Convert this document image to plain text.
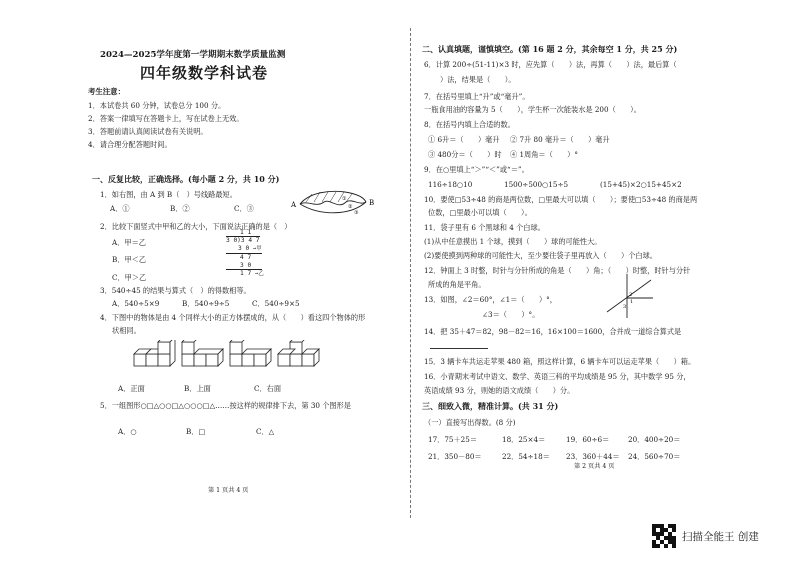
2024—2025学年度第一学期期末数学质量监测
四年级数学科试卷
考生注意：
1．本试卷共 60 分钟，试卷总分 100 分。
2．答案一律填写在答题卡上，写在试卷上无效。
3．答题前请认真阅读试卷有关说明。
4．请合理分配答题时间。
一、反复比较，正确选择。(每小题 2 分，共 10 分)
1．如右图，由 A 到 B（　）号线路最短。
A	B
①
②
③
A．①	B．②	C．③
2．比较下面竖式中甲和乙的大小，下面说法正确的是（　）
A．甲＝乙
B．甲＜乙
C．甲＞乙
1 1
3 0)3 4 7
3 0 →甲
4 7
3 0
1 7 →乙
3．540÷45 的结果与算式（　）的得数相等。
A．540÷5×9	B．540÷9÷5	C．540÷9×5
4．下图中的物体是由 4 个同样大小的正方体摆成的，从（　　）看这四个物体的形
状相同。
A．正面	B．上面	C．右面
5．一组图形○□△○○□△○○○□△……按这样的规律排下去，第 30 个图形是
A．○	B．□	C．△
第 1 页共 4 页
二、认真填题，谨慎填空。(第 16 题 2 分，其余每空 1 分，共 25 分)
6．计算 200÷(51-11)×3 时，应先算（　　）法，再算（　　）法，最后算（
）法，结果是（　　）。
7．在括号里填上“升”或“毫升”。
一瓶食用油的容量为 5（　　），学生杯一次能装水是 200（　　）。
8．在括号内填上合适的数。
① 6升＝（　　）毫升 ② 7升 80 毫升＝（　　）毫升
③ 480分＝（　　）时 ④ 1周角＝（　　）°
9．在○里填上“＞”“＜”或“＝”。
116÷18○10	1500÷500○15÷5	(15+45)×2○15+45×2
10．要使□53÷48 的商是两位数，□里最大可以填（　　）；要使□53÷48 的商是两
位数，□里最小可以填（　　）。
11．袋子里有 6 个黑球和 4 个白球。
(1)从中任意摸出 1 个球，摸到（　　）球的可能性大。
(2)要使摸到两种球的可能性大，至少要往袋子里再放入（　　）个白球。
12．钟面上 3 时整，时针与分针所成的角是（　　）角；（　　）时整，时针与分针
所成的角是平角。
13．如图，∠2＝60°，∠1＝（　　）°，
∠3＝（　　）°。
2
1
3
14．把 35＋47＝82，98－82＝16，16×100＝1600，合并成一道综合算式是
15．3 辆卡车共运走苹果 480 箱，照这样计算，6 辆卡车可以运走苹果（　　）箱。
16．小青期末考试中语文、数学、英语三科的平均成绩是 95 分，其中数学 95 分，
英语成绩 93 分，则她的语文成绩（　　）分。
三、细致入微，精准计算。(共 31 分)
（一）直接写出得数。(8 分)
17．75＋25＝	18．25×4＝	19．60÷6＝	20．400÷20＝
21．350－80＝	22．54÷18＝ 23．360＋44＝ 24．560÷70＝
第 2 页共 4 页
扫描全能王 创建
